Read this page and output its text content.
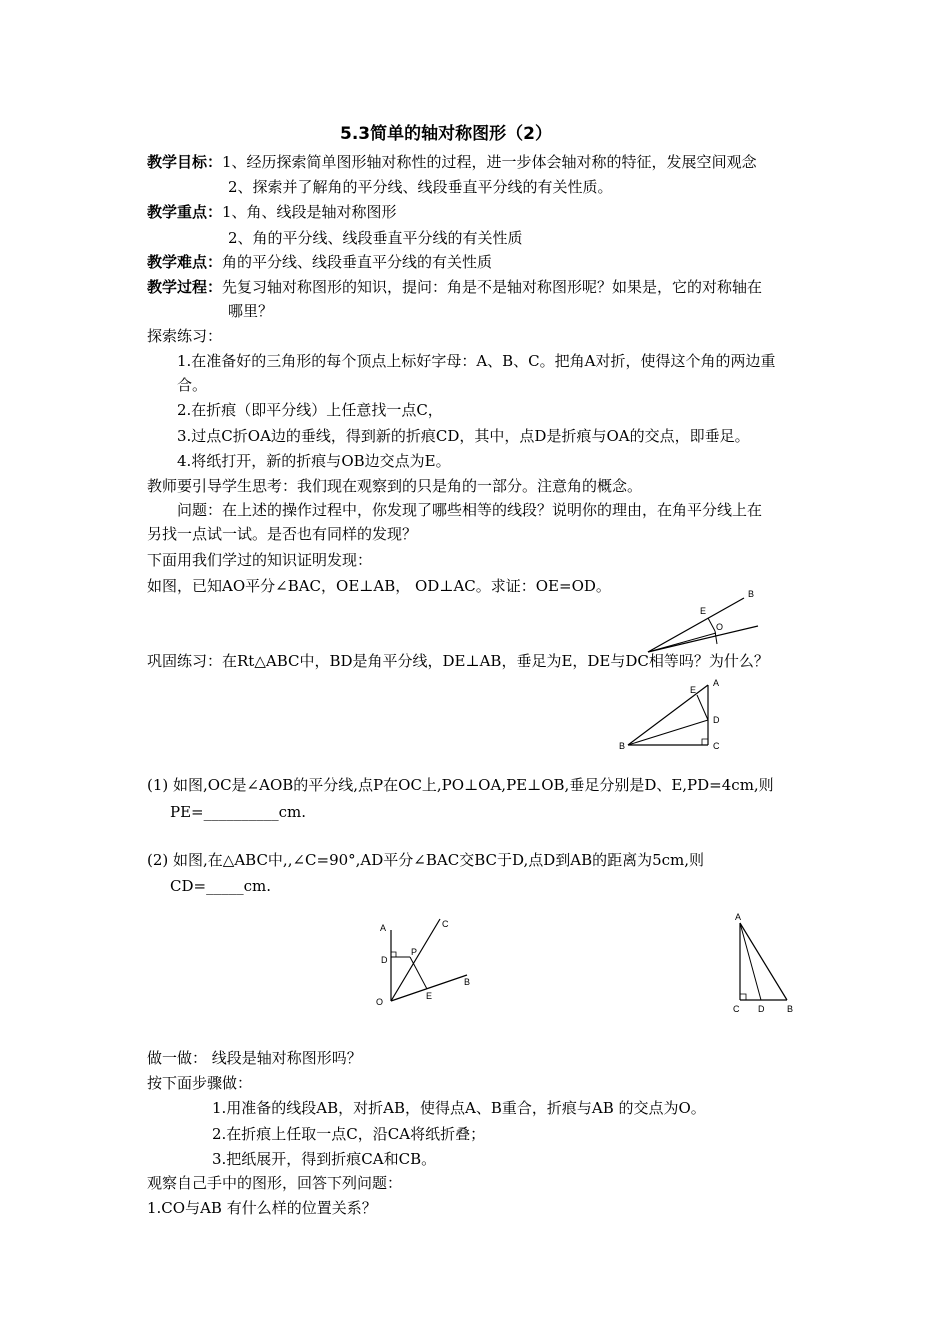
5.3简单的轴对称图形（2）
教学目标：1、经历探索简单图形轴对称性的过程，进一步体会轴对称的特征，发展空间观念
2、探索并了解角的平分线、线段垂直平分线的有关性质。
教学重点：1、角、线段是轴对称图形
2、角的平分线、线段垂直平分线的有关性质
教学难点：角的平分线、线段垂直平分线的有关性质
教学过程：先复习轴对称图形的知识，提问：角是不是轴对称图形呢？如果是，它的对称轴在
哪里？
探索练习：
1.在准备好的三角形的每个顶点上标好字母：A、B、C。把角A对折，使得这个角的两边重
合。
2.在折痕（即平分线）上任意找一点C，
3.过点C折OA边的垂线，得到新的折痕CD，其中，点D是折痕与OA的交点，即垂足。
4.将纸打开，新的折痕与OB边交点为E。
教师要引导学生思考：我们现在观察到的只是角的一部分。注意角的概念。
问题：在上述的操作过程中，你发现了哪些相等的线段？说明你的理由，在角平分线上在
另找一点试一试。是否也有同样的发现？
下面用我们学过的知识证明发现：
如图，已知AO平分∠BAC，OE⊥AB， OD⊥AC。求证：OE=OD。	B
E
O
巩固练习：在Rt△ABC中，BD是角平分线，DE⊥AB，垂足为E，DE与DC相等吗？为什么？
A
E
D
B	C
(1) 如图,OC是∠AOB的平分线,点P在OC上,PO⊥OA,PE⊥OB,垂足分别是D、E,PD=4cm,则
PE=__________cm.
(2) 如图,在△ABC中,,∠C=90°,AD平分∠BAC交BC于D,点D到AB的距离为5cm,则
CD=_____cm.
A	C
D
P
E
B
O
A
C D	B
做一做： 线段是轴对称图形吗？
按下面步骤做：
1.用准备的线段AB，对折AB，使得点A、B重合，折痕与AB 的交点为O。
2.在折痕上任取一点C，沿CA将纸折叠；
3.把纸展开，得到折痕CA和CB。
观察自己手中的图形，回答下列问题：
1.CO与AB 有什么样的位置关系？
